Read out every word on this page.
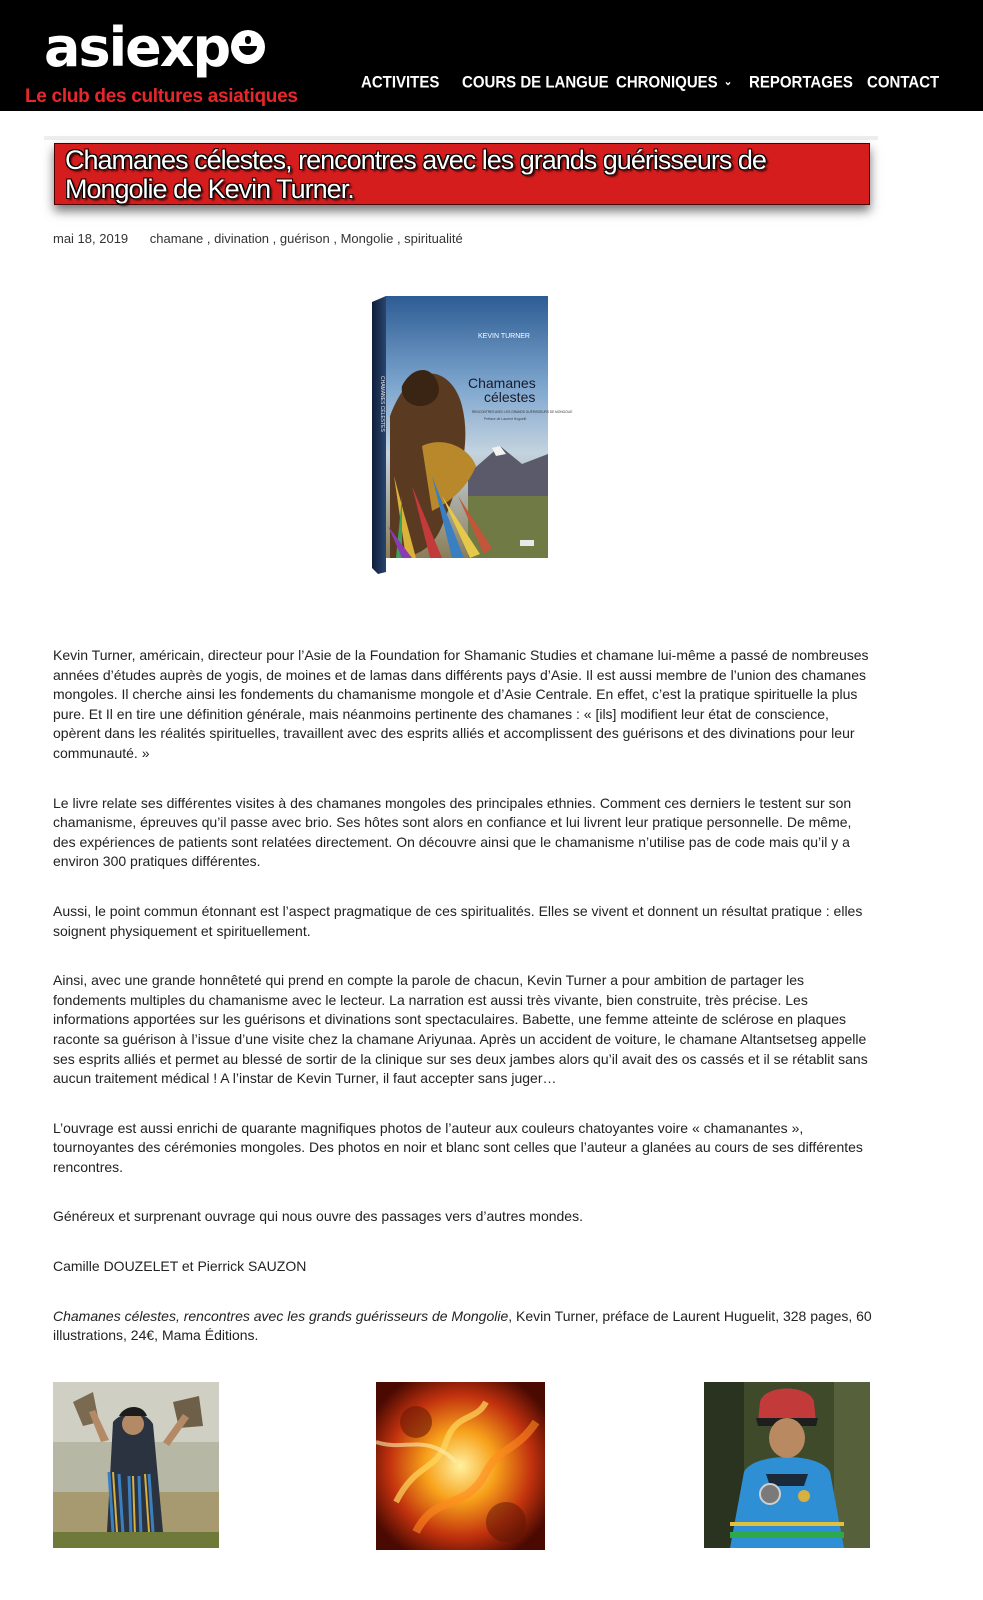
asiexp
Le club des cultures asiatiques
ACTIVITES COURS DE LANGUE CHRONIQUES ⌄ REPORTAGES CONTACT
Chamanes célestes, rencontres avec les grands guérisseurs de Mongolie de Kevin Turner.
mai 18, 2019 chamane , divination , guérison , Mongolie , spiritualité
KEVIN TURNER
Chamanes
célestes
RENCONTRES AVEC LES GRANDS GUÉRISSEURS DE MONGOLIE
Préface de Laurent Huguelit
CHAMANES CÉLESTES

Kevin Turner, américain, directeur pour l’Asie de la Foundation for Shamanic Studies et chamane lui-même a passé de nombreuses années d’études auprès de yogis, de moines et de lamas dans différents pays d’Asie. Il est aussi membre de l’union des chamanes mongoles. Il cherche ainsi les fondements du chamanisme mongole et d’Asie Centrale. En effet, c’est la pratique spirituelle la plus pure. Et Il en tire une définition générale, mais néanmoins pertinente des chamanes : « [ils] modifient leur état de conscience, opèrent dans les réalités spirituelles, travaillent avec des esprits alliés et accomplissent des guérisons et des divinations pour leur communauté. »

Le livre relate ses différentes visites à des chamanes mongoles des principales ethnies. Comment ces derniers le testent sur son chamanisme, épreuves qu’il passe avec brio. Ses hôtes sont alors en confiance et lui livrent leur pratique personnelle. De même, des expériences de patients sont relatées directement. On découvre ainsi que le chamanisme n’utilise pas de code mais qu’il y a environ 300 pratiques différentes.

Aussi, le point commun étonnant est l’aspect pragmatique de ces spiritualités. Elles se vivent et donnent un résultat pratique : elles soignent physiquement et spirituellement.

Ainsi, avec une grande honnêteté qui prend en compte la parole de chacun, Kevin Turner a pour ambition de partager les fondements multiples du chamanisme avec le lecteur. La narration est aussi très vivante, bien construite, très précise. Les informations apportées sur les guérisons et divinations sont spectaculaires. Babette, une femme atteinte de sclérose en plaques raconte sa guérison à l’issue d’une visite chez la chamane Ariyunaa. Après un accident de voiture, le chamane Altantsetseg appelle ses esprits alliés et permet au blessé de sortir de la clinique sur ses deux jambes alors qu’il avait des os cassés et il se rétablit sans aucun traitement médical ! A l’instar de Kevin Turner, il faut accepter sans juger…

L’ouvrage est aussi enrichi de quarante magnifiques photos de l’auteur aux couleurs chatoyantes voire « chamanantes », tournoyantes des cérémonies mongoles. Des photos en noir et blanc sont celles que l’auteur a glanées au cours de ses différentes rencontres.

Généreux et surprenant ouvrage qui nous ouvre des passages vers d’autres mondes.

Camille DOUZELET et Pierrick SAUZON

Chamanes célestes, rencontres avec les grands guérisseurs de Mongolie, Kevin Turner, préface de Laurent Huguelit, 328 pages, 60 illustrations, 24€, Mama Éditions.
